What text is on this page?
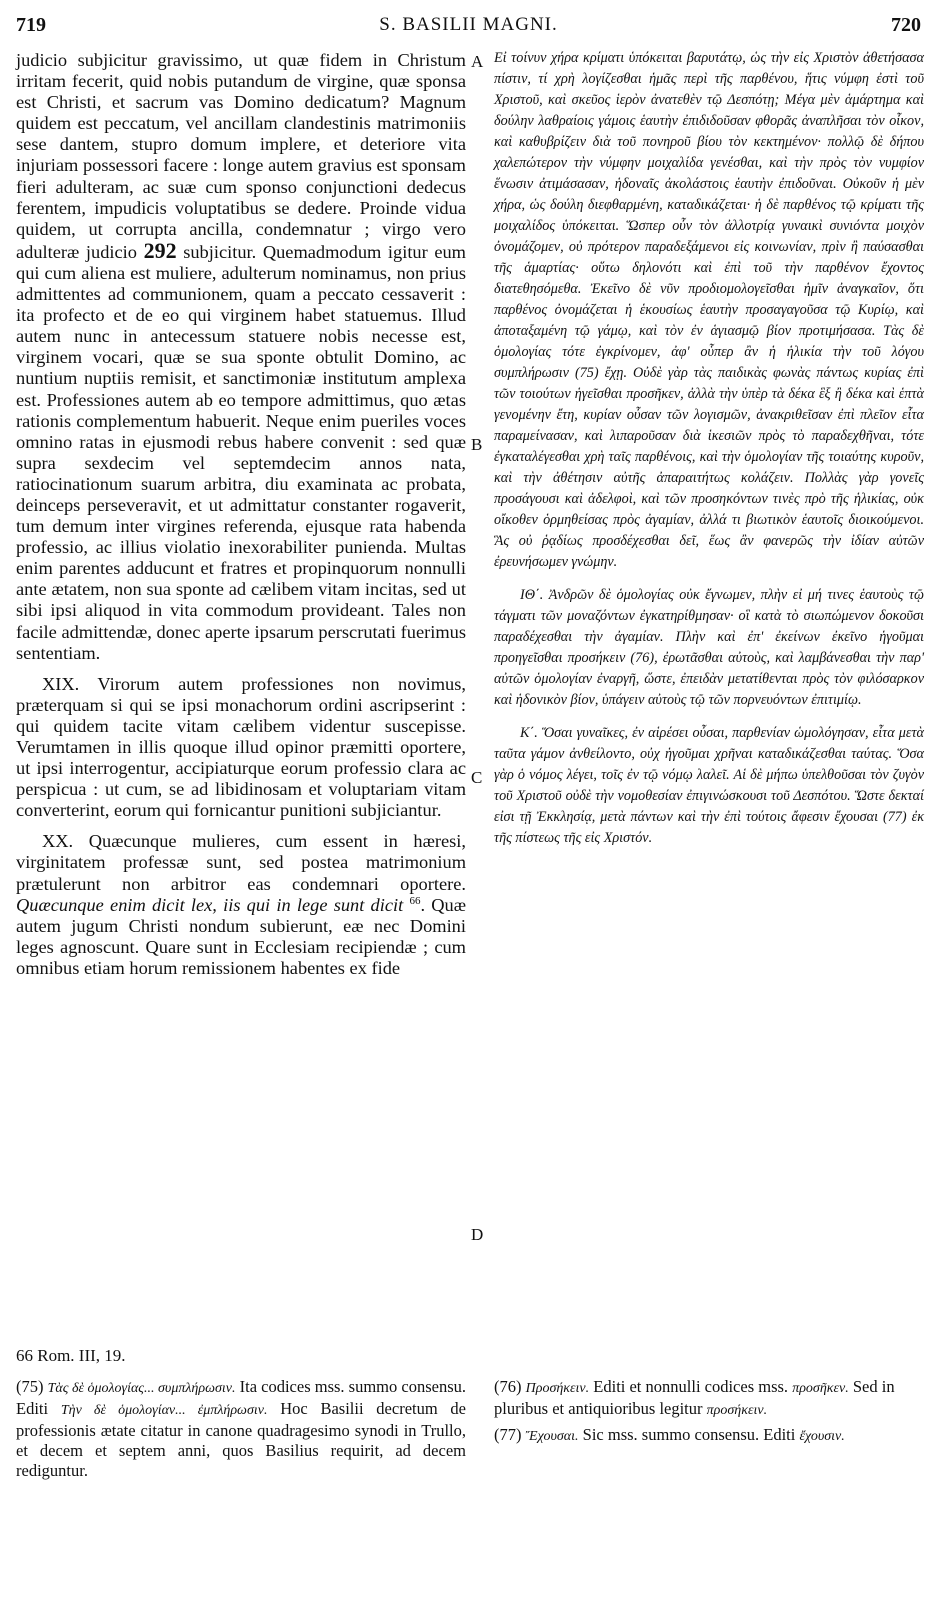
719	S. BASILII MAGNI.	720

judicio subjicitur gravissimo, ut quæ fidem in Christum irritam fecerit, quid nobis putandum de virgine, quæ sponsa est Christi, et sacrum vas Domino dedicatum? Magnum quidem est peccatum, vel ancillam clandestinis matrimoniis sese dantem, stupro domum implere, et deteriore vita injuriam possessori facere : longe autem gravius est sponsam fieri adulteram, ac suæ cum sponso conjunctioni dedecus ferentem, impudicis voluptatibus se dedere. Proinde vidua quidem, ut corrupta ancilla, condemnatur ; virgo vero adulteræ judicio 292 subjicitur. Quemadmodum igitur eum qui cum aliena est muliere, adulterum nominamus, non prius admittentes ad communionem, quam a peccato cessaverit : ita profecto et de eo qui virginem habet statuemus. Illud autem nunc in antecessum statuere nobis necesse est, virginem vocari, quæ se sua sponte obtulit Domino, ac nuntium nuptiis remisit, et sanctimoniæ institutum amplexa est. Professiones autem ab eo tempore admittimus, quo ætas rationis complementum habuerit. Neque enim pueriles voces omnino ratas in ejusmodi rebus habere convenit : sed quæ supra sexdecim vel septemdecim annos nata, ratiocinationum suarum arbitra, diu examinata ac probata, deinceps perseveravit, et ut admittatur constanter rogaverit, tum demum inter virgines referenda, ejusque rata habenda professio, ac illius violatio inexorabiliter punienda. Multas enim parentes adducunt et fratres et propinquorum nonnulli ante ætatem, non sua sponte ad cælibem vitam incitas, sed ut sibi ipsi aliquod in vita commodum provideant. Tales non facile admittendæ, donec aperte ipsarum perscrutati fuerimus sententiam.

XIX. Virorum autem professiones non novimus, præterquam si qui se ipsi monachorum ordini ascripserint : qui quidem tacite vitam cælibem videntur suscepisse. Verumtamen in illis quoque illud opinor præmitti oportere, ut ipsi interrogentur, accipiaturque eorum professio clara ac perspicua : ut cum, se ad libidinosam et voluptariam vitam converterint, eorum qui fornicantur punitioni subjiciantur.

XX. Quæcunque mulieres, cum essent in hæresi, virginitatem professæ sunt, sed postea matrimonium prætulerunt non arbitror eas condemnari oportere. Quæcunque enim dicit lex, iis qui in lege sunt dicit $^{66}$. Quæ autem jugum Christi nondum subierunt, eæ nec Domini leges agnoscunt. Quare sunt in Ecclesiam recipiendæ ; cum omnibus etiam horum remissionem habentes ex fide

A
B
C
D

Εἰ τοίνυν χήρα κρίματι ὑπόκειται βαρυτάτῳ, ὡς τὴν εἰς Χριστὸν ἀθετήσασα πίστιν, τί χρὴ λογίζεσθαι ἡμᾶς περὶ τῆς παρθένου, ἥτις νύμφη ἐστὶ τοῦ Χριστοῦ, καὶ σκεῦος ἱερὸν ἀνατεθὲν τῷ Δεσπότῃ; Μέγα μὲν ἁμάρτημα καὶ δούλην λαθραίοις γάμοις ἑαυτὴν ἐπιδιδοῦσαν φθορᾶς ἀναπλῆσαι τὸν οἶκον, καὶ καθυβρίζειν διὰ τοῦ πονηροῦ βίου τὸν κεκτημένον· πολλῷ δὲ δήπου χαλεπώτερον τὴν νύμφην μοιχαλίδα γενέσθαι, καὶ τὴν πρὸς τὸν νυμφίον ἕνωσιν ἀτιμάσασαν, ἡδοναῖς ἀκολάστοις ἑαυτὴν ἐπιδοῦναι. Οὐκοῦν ἡ μὲν χήρα, ὡς δούλη διεφθαρμένη, καταδικάζεται· ἡ δὲ παρθένος τῷ κρίματι τῆς μοιχαλίδος ὑπόκειται. Ὥσπερ οὖν τὸν ἀλλοτρίᾳ γυναικὶ συνιόντα μοιχὸν ὀνομάζομεν, οὐ πρότερον παραδεξάμενοι εἰς κοινωνίαν, πρὶν ἢ παύσασθαι τῆς ἁμαρτίας· οὕτω δηλονότι καὶ ἐπὶ τοῦ τὴν παρθένον ἔχοντος διατεθησόμεθα. Ἐκεῖνο δὲ νῦν προδιομολογεῖσθαι ἡμῖν ἀναγκαῖον, ὅτι παρθένος ὀνομάζεται ἡ ἑκουσίως ἑαυτὴν προσαγαγοῦσα τῷ Κυρίῳ, καὶ ἀποταξαμένη τῷ γάμῳ, καὶ τὸν ἐν ἁγιασμῷ βίον προτιμήσασα. Τὰς δὲ ὁμολογίας τότε ἐγκρίνομεν, ἀφ' οὗπερ ἂν ἡ ἡλικία τὴν τοῦ λόγου συμπλήρωσιν (75) ἔχῃ. Οὐδὲ γὰρ τὰς παιδικὰς φωνὰς πάντως κυρίας ἐπὶ τῶν τοιούτων ἡγεῖσθαι προσῆκεν, ἀλλὰ τὴν ὑπὲρ τὰ δέκα ἓξ ἢ δέκα καὶ ἑπτὰ γενομένην ἔτη, κυρίαν οὖσαν τῶν λογισμῶν, ἀνακριθεῖσαν ἐπὶ πλεῖον εἶτα παραμείνασαν, καὶ λιπαροῦσαν διὰ ἱκεσιῶν πρὸς τὸ παραδεχθῆναι, τότε ἐγκαταλέγεσθαι χρὴ ταῖς παρθένοις, καὶ τὴν ὁμολογίαν τῆς τοιαύτης κυροῦν, καὶ τὴν ἀθέτησιν αὐτῆς ἀπαραιτήτως κολάζειν. Πολλὰς γὰρ γονεῖς προσάγουσι καὶ ἀδελφοὶ, καὶ τῶν προσηκόντων τινὲς πρὸ τῆς ἡλικίας, οὐκ οἴκοθεν ὁρμηθείσας πρὸς ἀγαμίαν, ἀλλά τι βιωτικὸν ἑαυτοῖς διοικούμενοι. Ἃς οὐ ῥᾳδίως προσδέχεσθαι δεῖ, ἕως ἂν φανερῶς τὴν ἰδίαν αὐτῶν ἐρευνήσωμεν γνώμην.

ΙΘ΄. Ἀνδρῶν δὲ ὁμολογίας οὐκ ἔγνωμεν, πλὴν εἰ μή τινες ἑαυτοὺς τῷ τάγματι τῶν μοναζόντων ἐγκατηρίθμησαν· οἳ κατὰ τὸ σιωπώμενον δοκοῦσι παραδέχεσθαι τὴν ἀγαμίαν. Πλὴν καὶ ἐπ' ἐκείνων ἐκεῖνο ἡγοῦμαι προηγεῖσθαι προσήκειν (76), ἐρωτᾶσθαι αὐτοὺς, καὶ λαμβάνεσθαι τὴν παρ' αὐτῶν ὁμολογίαν ἐναργῆ, ὥστε, ἐπειδὰν μετατίθενται πρὸς τὸν φιλόσαρκον καὶ ἡδονικὸν βίον, ὑπάγειν αὐτοὺς τῷ τῶν πορνευόντων ἐπιτιμίῳ.

Κ΄. Ὅσαι γυναῖκες, ἐν αἱρέσει οὖσαι, παρθενίαν ὡμολόγησαν, εἶτα μετὰ ταῦτα γάμον ἀνθείλοντο, οὐχ ἡγοῦμαι χρῆναι καταδικάζεσθαι ταύτας. Ὅσα γὰρ ὁ νόμος λέγει, τοῖς ἐν τῷ νόμῳ λαλεῖ. Αἱ δὲ μήπω ὑπελθοῦσαι τὸν ζυγὸν τοῦ Χριστοῦ οὐδὲ τὴν νομοθεσίαν ἐπιγινώσκουσι τοῦ Δεσπότου. Ὥστε δεκταί εἰσι τῇ Ἐκκλησίᾳ, μετὰ πάντων καὶ τὴν ἐπὶ τούτοις ἄφεσιν ἔχουσαι (77) ἐκ τῆς πίστεως τῆς εἰς Χριστόν.

66 Rom. III, 19.

(75) Τὰς δὲ ὁμολογίας... συμπλήρωσιν. Ita codices mss. summo consensu. Editi Τὴν δὲ ὁμολογίαν... ἐμπλήρωσιν. Hoc Basilii decretum de professionis ætate citatur in canone quadragesimo synodi in Trullo, et decem et septem anni, quos Basilius requirit, ad decem rediguntur.

(76) Προσήκειν. Editi et nonnulli codices mss. προσῆκεν. Sed in pluribus et antiquioribus legitur προσήκειν.

(77) Ἔχουσαι. Sic mss. summo consensu. Editi ἔχουσιν.
